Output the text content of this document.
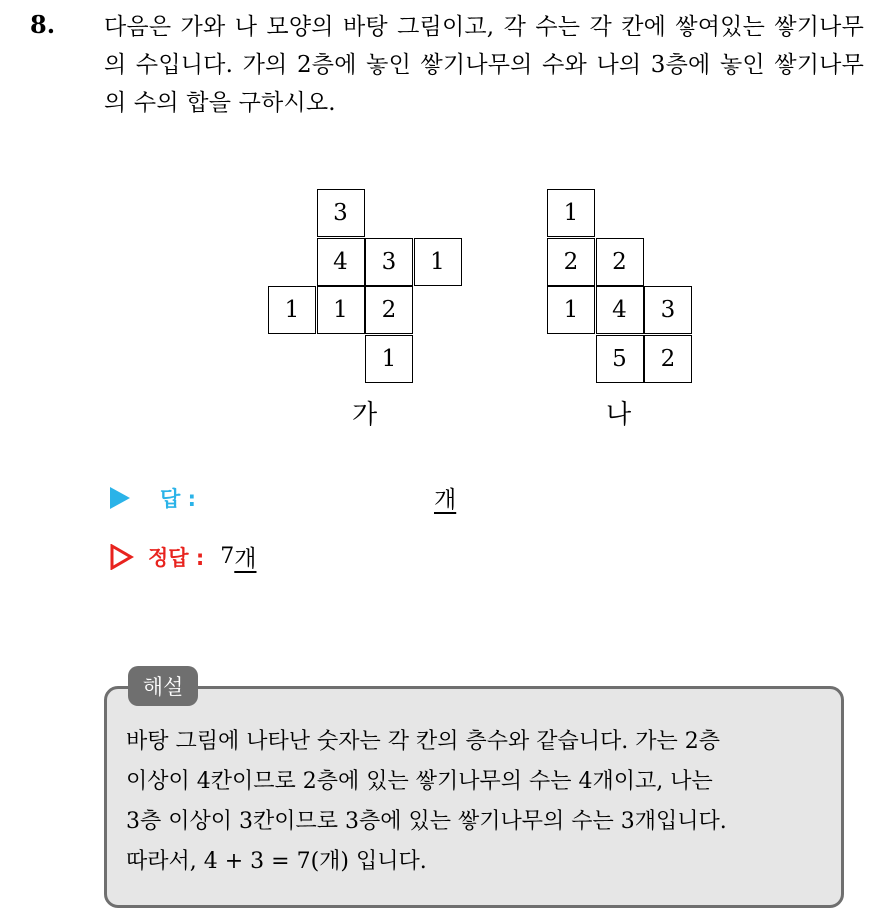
8. 다음은 가와 나 모양의 바탕 그림이고, 각 수는 각 칸에 쌓여있는 쌓기나무의 수입니다. 가의 2층에 놓인 쌓기나무의 수와 나의 3층에 놓인 쌓기나무의 수의 합을 구하시오.
3
4	3	1
1	1	2
1
가
1
2	2
1	4	3
5	2
나
답 :	개
정답 : 7 개
해설
바탕 그림에 나타난 숫자는 각 칸의 층수와 같습니다. 가는 2층
이상이 4칸이므로 2층에 있는 쌓기나무의 수는 4개이고, 나는
3층 이상이 3칸이므로 3층에 있는 쌓기나무의 수는 3개입니다.
따라서, 4 + 3 = 7(개) 입니다.
